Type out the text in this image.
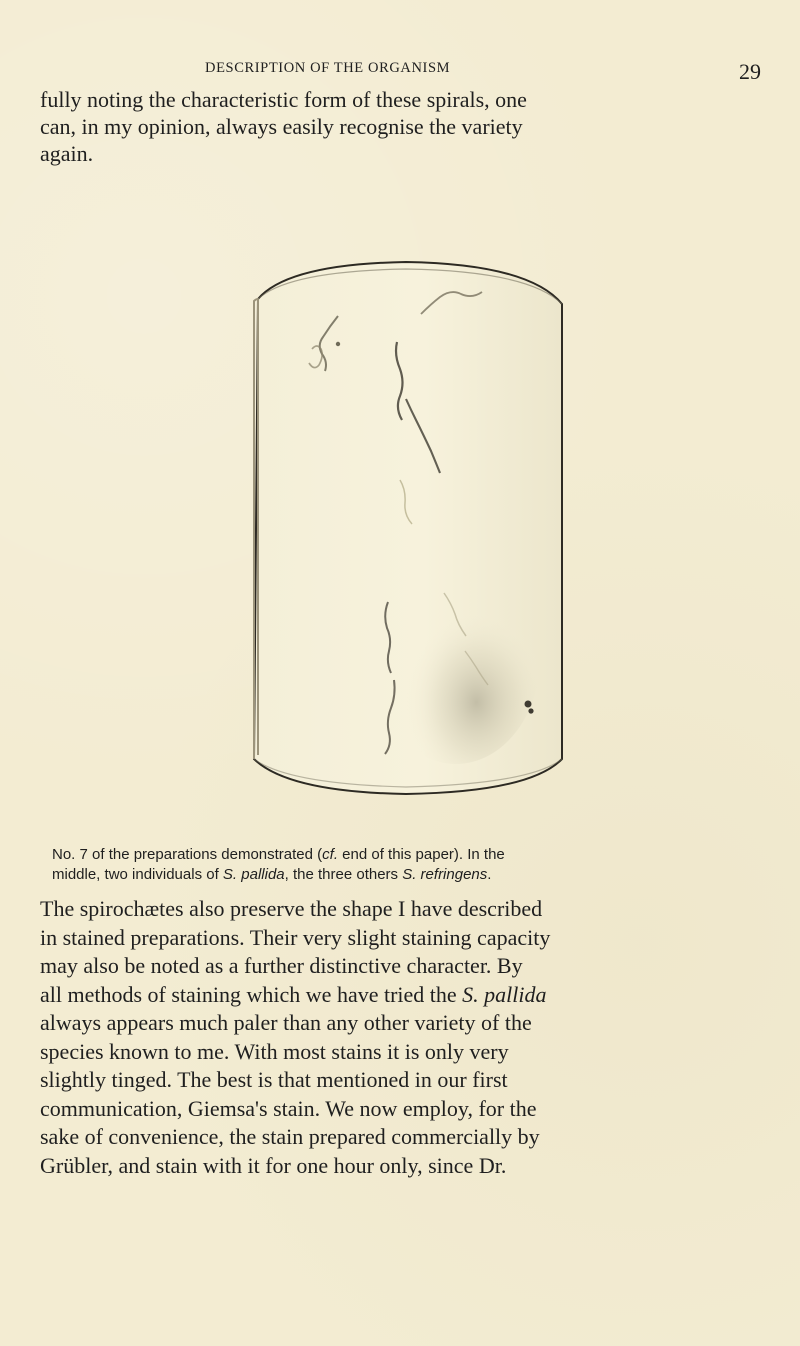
DESCRIPTION OF THE ORGANISM	29
fully noting the characteristic form of these spirals, one
can, in my opinion, always easily recognise the variety
again.
No. 7 of the preparations demonstrated (cf. end of this paper). In the
middle, two individuals of S. pallida, the three others S. refringens.
The spirochætes also preserve the shape I have described
in stained preparations. Their very slight staining capacity
may also be noted as a further distinctive character. By
all methods of staining which we have tried the S. pallida
always appears much paler than any other variety of the
species known to me. With most stains it is only very
slightly tinged. The best is that mentioned in our first
communication, Giemsa's stain. We now employ, for the
sake of convenience, the stain prepared commercially by
Grübler, and stain with it for one hour only, since Dr.
